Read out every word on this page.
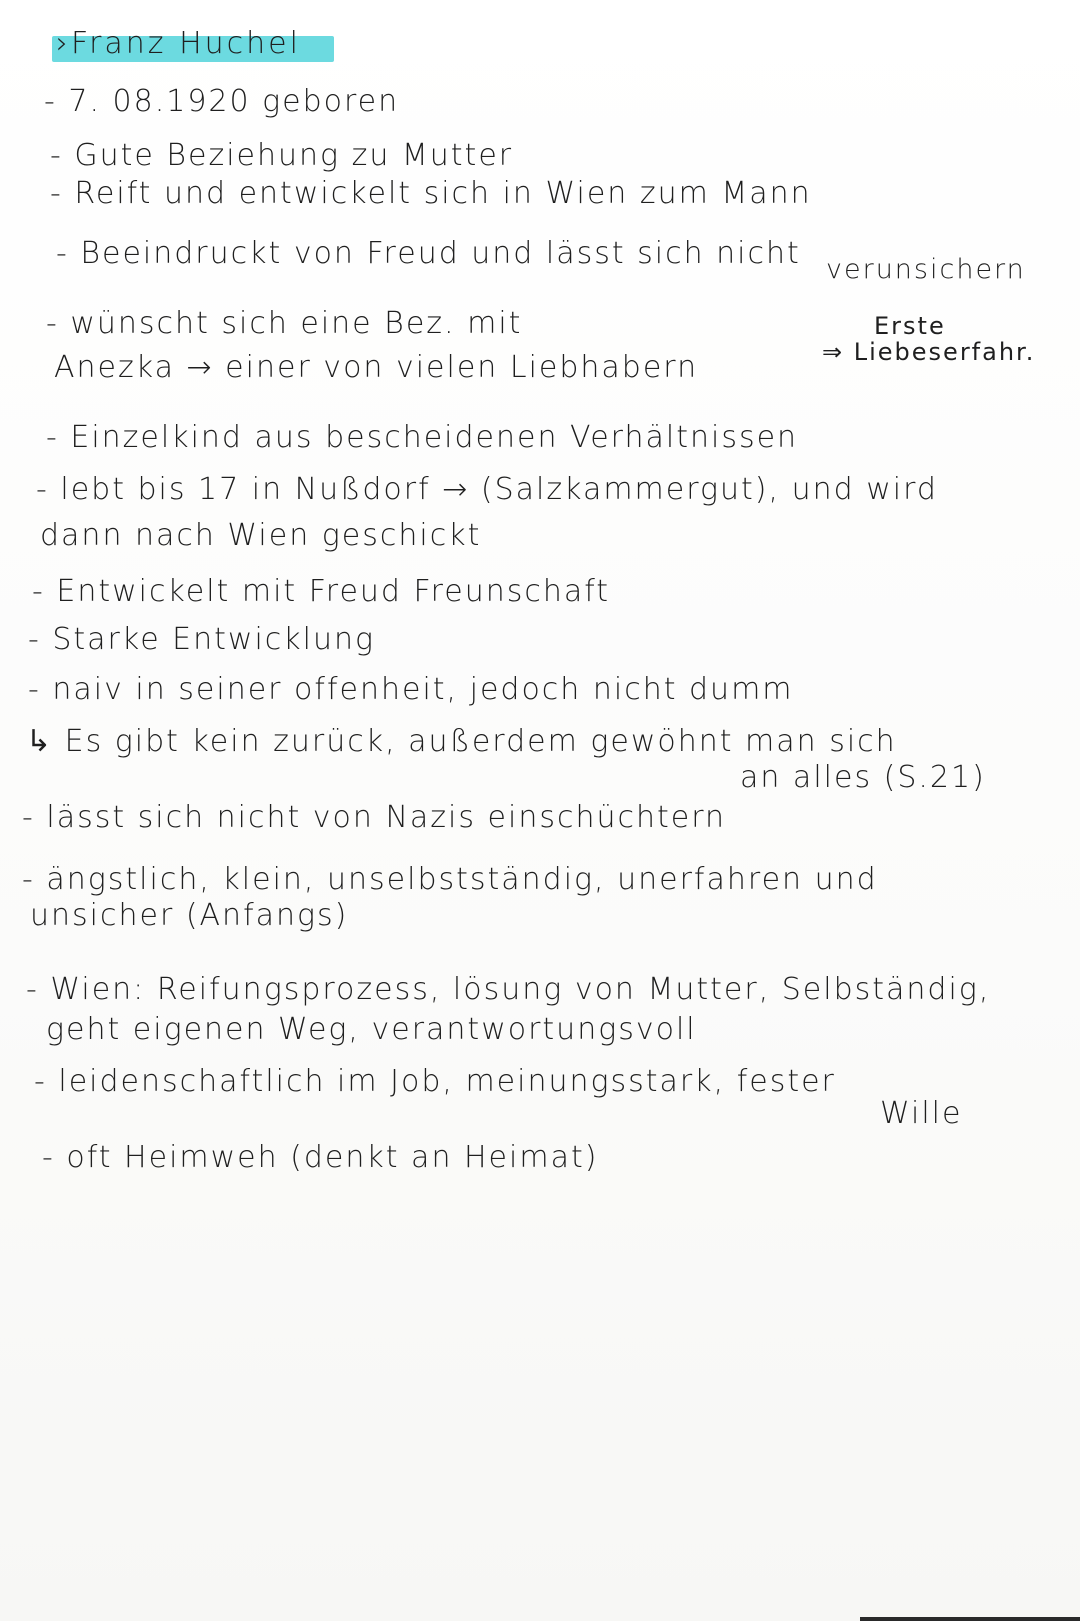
›Franz Huchel
- 7. 08.1920 geboren
- Gute Beziehung zu Mutter
- Reift und entwickelt sich in Wien zum Mann
- Beeindruckt von Freud und lässt sich nicht verunsichern
- wünscht sich eine Bez. mit
Anezka → einer von vielen Liebhabern
Erste
⇒ Liebeserfahr.
- Einzelkind aus bescheidenen Verhältnissen
- lebt bis 17 in Nußdorf → (Salzkammergut), und wird
dann nach Wien geschickt
- Entwickelt mit Freud Freunschaft
- Starke Entwicklung
- naiv in seiner offenheit, jedoch nicht dumm
↳ Es gibt kein zurück, außerdem gewöhnt man sich
an alles (S.21)
- lässt sich nicht von Nazis einschüchtern
- ängstlich, klein, unselbstständig, unerfahren und
unsicher (Anfangs)
- Wien: Reifungsprozess, lösung von Mutter, Selbständig,
geht eigenen Weg, verantwortungsvoll
- leidenschaftlich im Job, meinungsstark, fester
Wille
- oft Heimweh (denkt an Heimat)
